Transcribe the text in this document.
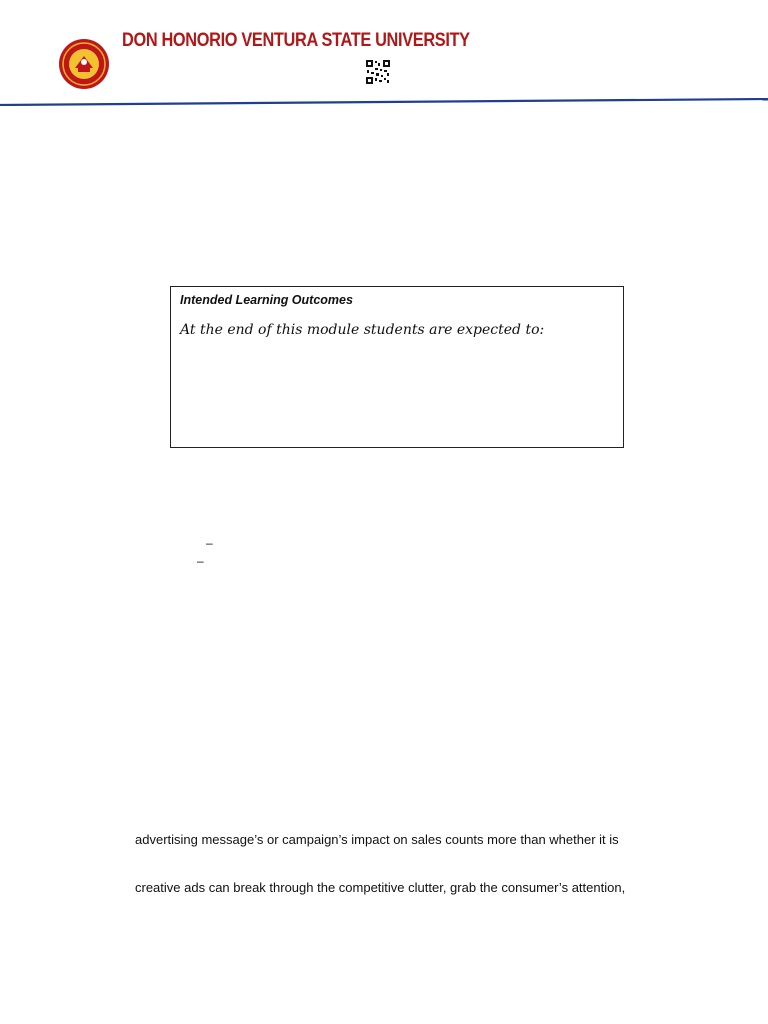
DON HONORIO VENTURA STATE UNIVERSITY
Intended Learning Outcomes
At the end of this module students are expected to:
–
–
advertising message’s or campaign’s impact on sales counts more than whether it is
creative ads can break through the competitive clutter, grab the consumer’s attention,
